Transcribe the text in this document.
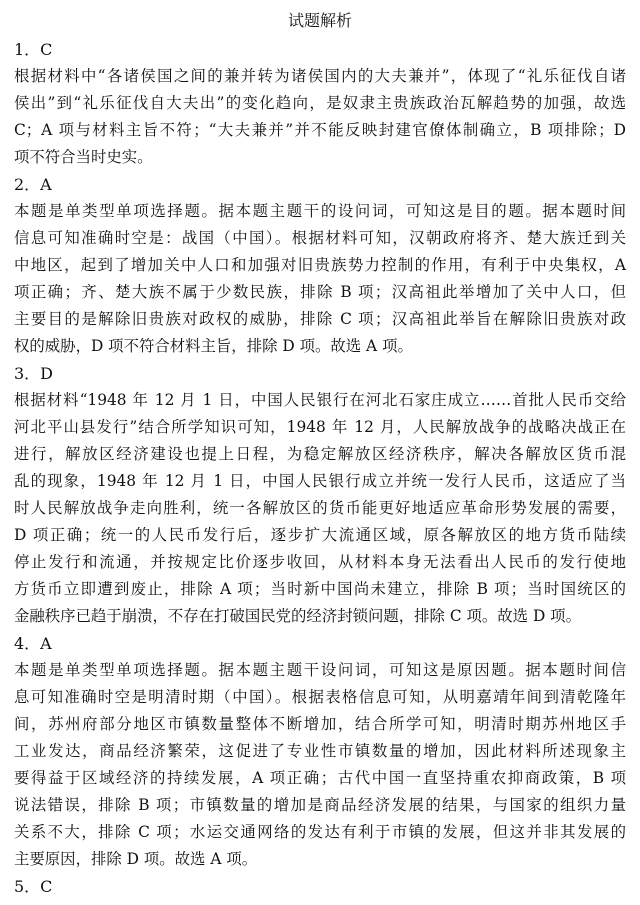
试题解析
1．C
根据材料中“各诸侯国之间的兼并转为诸侯国内的大夫兼并”，体现了“礼乐征伐自诸
侯出”到“礼乐征伐自大夫出”的变化趋向，是奴隶主贵族政治瓦解趋势的加强，故选
C；A 项与材料主旨不符；“大夫兼并”并不能反映封建官僚体制确立，B 项排除；D
项不符合当时史实。
2．A
本题是单类型单项选择题。据本题主题干的设问词，可知这是目的题。据本题时间
信息可知准确时空是：战国（中国）。根据材料可知，汉朝政府将齐、楚大族迁到关
中地区，起到了增加关中人口和加强对旧贵族势力控制的作用，有利于中央集权，A
项正确；齐、楚大族不属于少数民族，排除 B 项；汉高祖此举增加了关中人口，但
主要目的是解除旧贵族对政权的威胁，排除 C 项；汉高祖此举旨在解除旧贵族对政
权的威胁，D 项不符合材料主旨，排除 D 项。故选 A 项。
3．D
根据材料“1948 年 12 月 1 日，中国人民银行在河北石家庄成立……首批人民币交给
河北平山县发行”结合所学知识可知，1948 年 12 月，人民解放战争的战略决战正在
进行，解放区经济建设也提上日程，为稳定解放区经济秩序，解决各解放区货币混
乱的现象，1948 年 12 月 1 日，中国人民银行成立并统一发行人民币，这适应了当
时人民解放战争走向胜利，统一各解放区的货币能更好地适应革命形势发展的需要，
D 项正确；统一的人民币发行后，逐步扩大流通区域，原各解放区的地方货币陆续
停止发行和流通，并按规定比价逐步收回，从材料本身无法看出人民币的发行使地
方货币立即遭到废止，排除 A 项；当时新中国尚未建立，排除 B 项；当时国统区的
金融秩序已趋于崩溃，不存在打破国民党的经济封锁问题，排除 C 项。故选 D 项。
4．A
本题是单类型单项选择题。据本题主题干设问词，可知这是原因题。据本题时间信
息可知准确时空是明清时期（中国）。根据表格信息可知，从明嘉靖年间到清乾隆年
间，苏州府部分地区市镇数量整体不断增加，结合所学可知，明清时期苏州地区手
工业发达，商品经济繁荣，这促进了专业性市镇数量的增加，因此材料所述现象主
要得益于区域经济的持续发展，A 项正确；古代中国一直坚持重农抑商政策，B 项
说法错误，排除 B 项；市镇数量的增加是商品经济发展的结果，与国家的组织力量
关系不大，排除 C 项；水运交通网络的发达有利于市镇的发展，但这并非其发展的
主要原因，排除 D 项。故选 A 项。
5．C
